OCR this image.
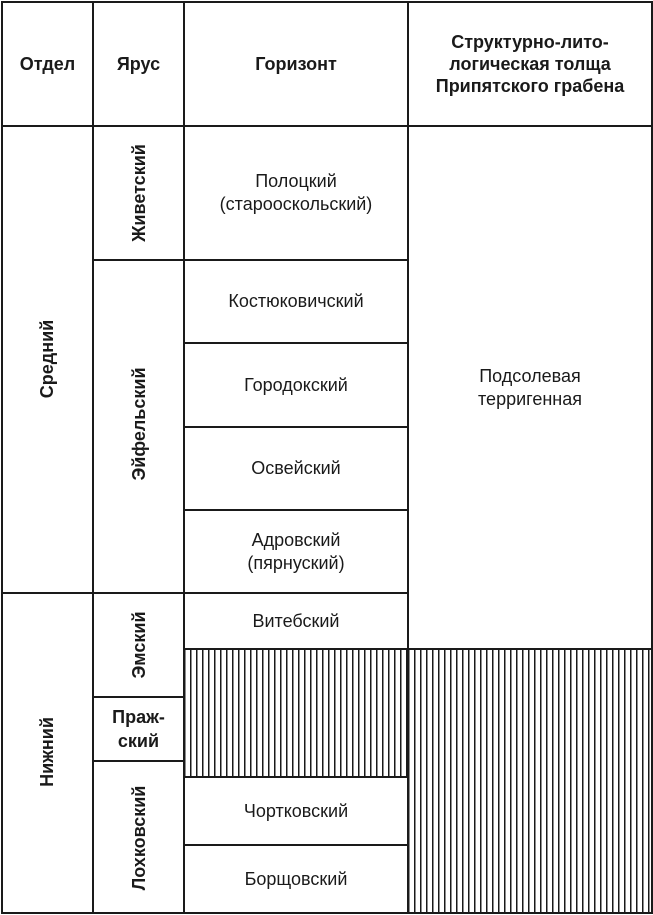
Отдел Ярус	Горизонт
Структурно-лито-
логическая толща
Припятского грабена
Средний
Нижний
Живетский
Эйфельский
Эмский
Праж-
ский
Лохковский
Полоцкий
(старооскольский)
Костюковичский
Городокский
Освейский
Адровский
(пярнуский)
Витебский
Чортковский
Борщовский
Подсолевая
терригенная
